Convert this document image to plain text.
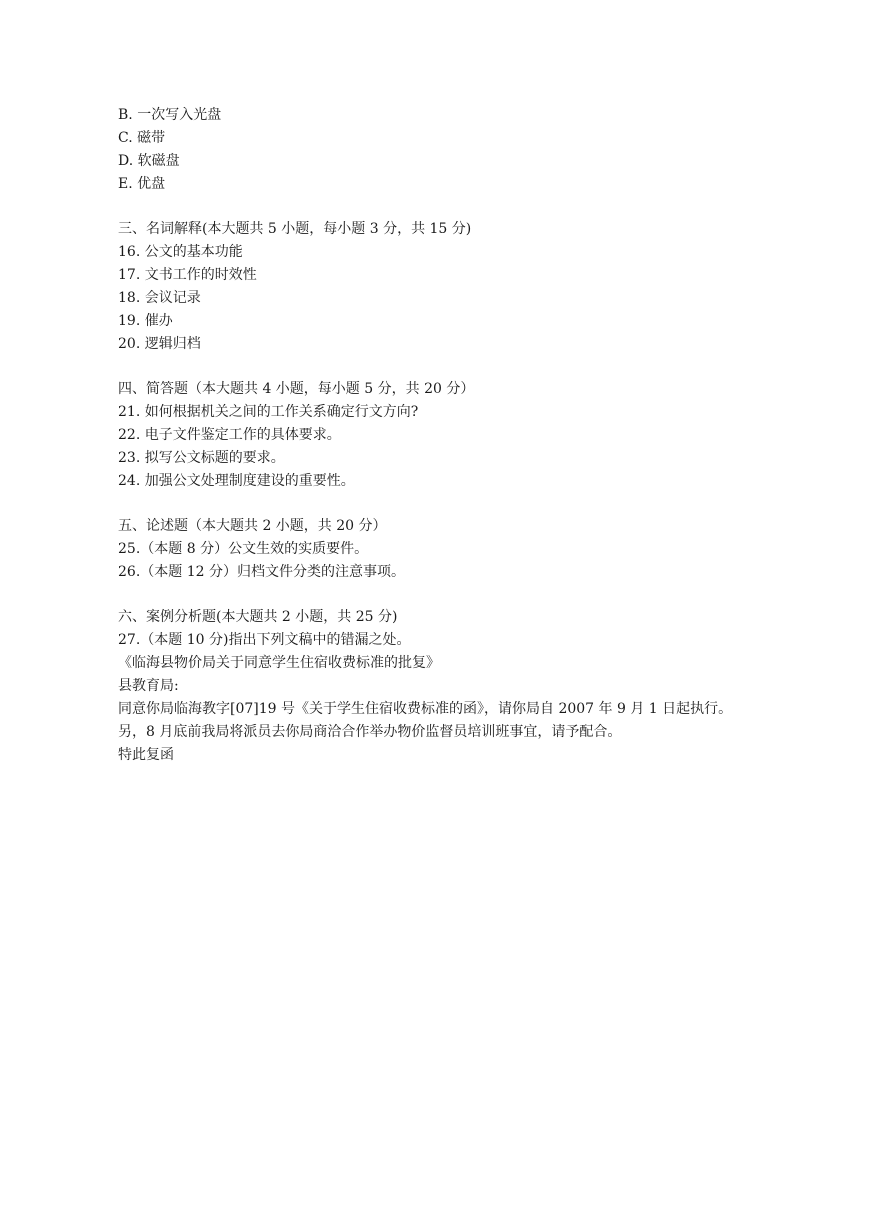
B. 一次写入光盘

C. 磁带

D. 软磁盘

E. 优盘

三、名词解释(本大题共 5 小题，每小题 3 分，共 15 分)

16. 公文的基本功能

17. 文书工作的时效性

18. 会议记录

19. 催办

20. 逻辑归档

四、简答题（本大题共 4 小题，每小题 5 分，共 20 分）

21. 如何根据机关之间的工作关系确定行文方向?

22. 电子文件鉴定工作的具体要求。

23. 拟写公文标题的要求。

24. 加强公文处理制度建设的重要性。

五、论述题（本大题共 2 小题，共 20 分）

25.（本题 8 分）公文生效的实质要件。

26.（本题 12 分）归档文件分类的注意事项。

六、案例分析题(本大题共 2 小题，共 25 分)

27.（本题 10 分)指出下列文稿中的错漏之处。

《临海县物价局关于同意学生住宿收费标准的批复》

县教育局:

同意你局临海教字[07]19 号《关于学生住宿收费标准的函》，请你局自 2007 年 9 月 1 日起执行。

另，8 月底前我局将派员去你局商洽合作举办物价监督员培训班事宜，请予配合。

特此复函
